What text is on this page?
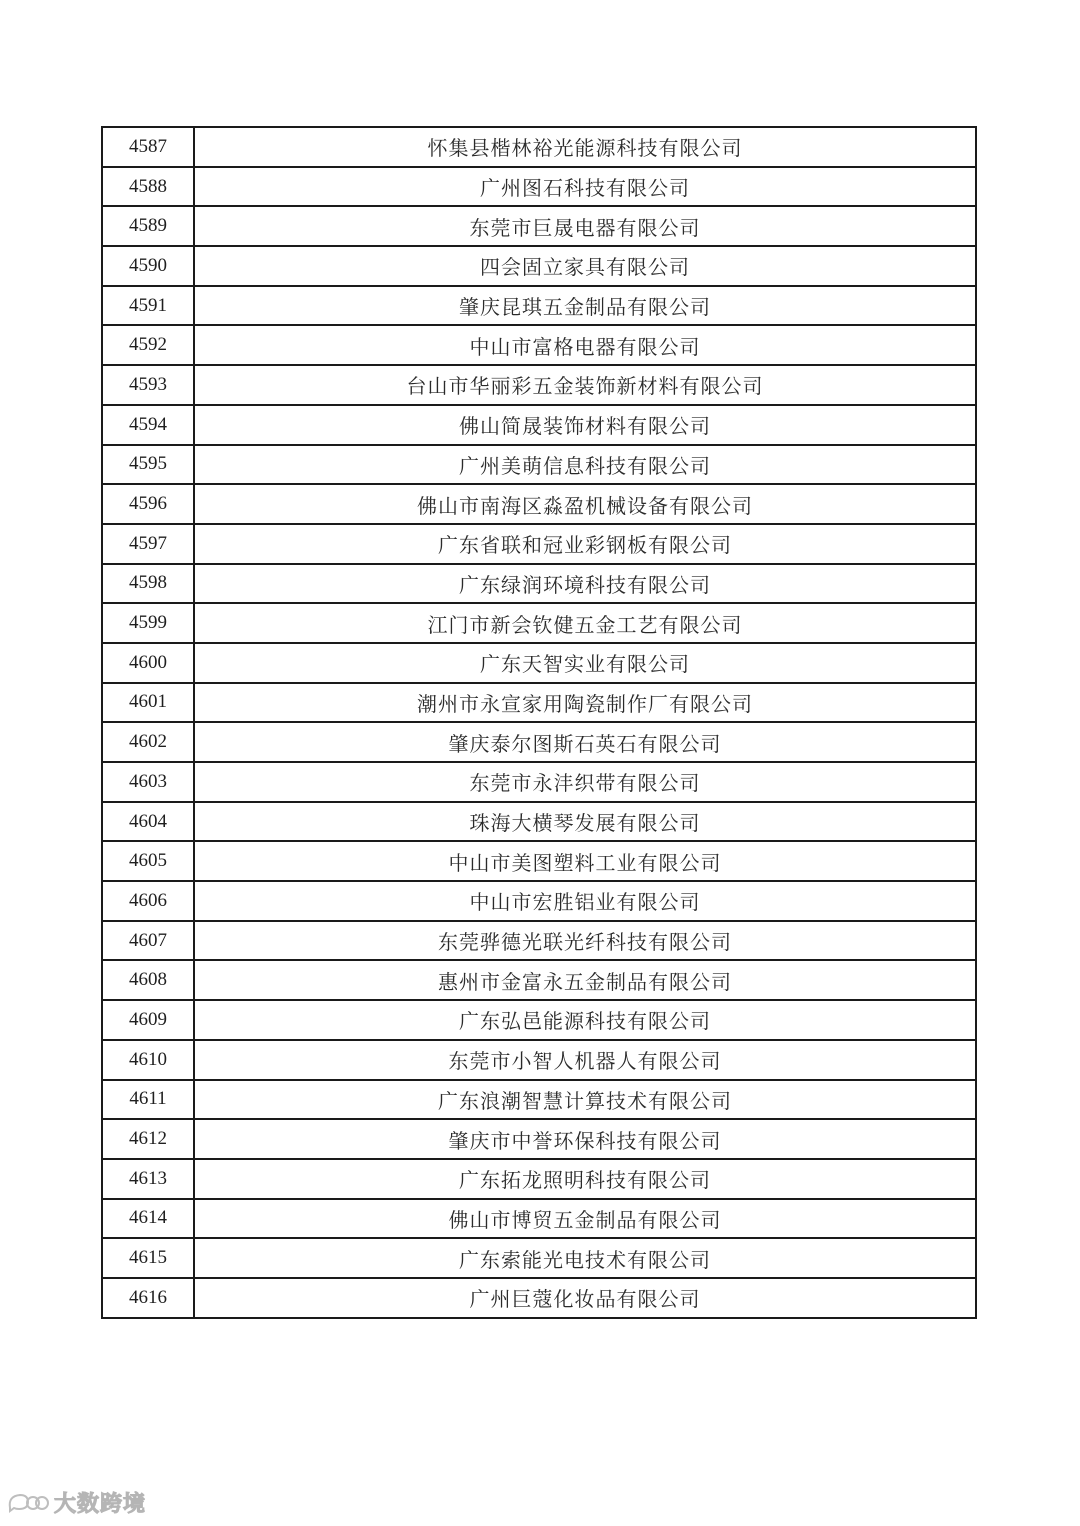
4587	怀集县楷林裕光能源科技有限公司
4588	广州图石科技有限公司
4589	东莞市巨晟电器有限公司
4590	四会固立家具有限公司
4591	肇庆昆琪五金制品有限公司
4592	中山市富格电器有限公司
4593	台山市华丽彩五金装饰新材料有限公司
4594	佛山简晟装饰材料有限公司
4595	广州美萌信息科技有限公司
4596	佛山市南海区淼盈机械设备有限公司
4597	广东省联和冠业彩钢板有限公司
4598	广东绿润环境科技有限公司
4599	江门市新会钦健五金工艺有限公司
4600	广东天智实业有限公司
4601	潮州市永宣家用陶瓷制作厂有限公司
4602	肇庆泰尔图斯石英石有限公司
4603	东莞市永沣织带有限公司
4604	珠海大横琴发展有限公司
4605	中山市美图塑料工业有限公司
4606	中山市宏胜铝业有限公司
4607	东莞骅德光联光纤科技有限公司
4608	惠州市金富永五金制品有限公司
4609	广东弘邑能源科技有限公司
4610	东莞市小智人机器人有限公司
4611	广东浪潮智慧计算技术有限公司
4612	肇庆市中誉环保科技有限公司
4613	广东拓龙照明科技有限公司
4614	佛山市博贸五金制品有限公司
4615	广东索能光电技术有限公司
4616	广州巨蔻化妆品有限公司
大数跨境
